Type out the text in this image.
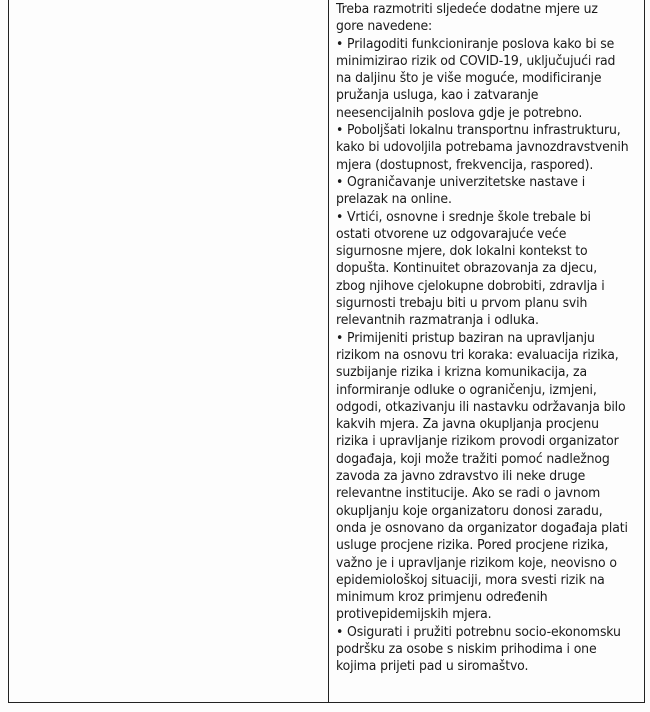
Treba razmotriti sljedeće dodatne mjere uz gore navedene:

• Prilagoditi funkcioniranje poslova kako bi se minimizirao rizik od COVID-19, uključujući rad na daljinu što je više moguće, modificiranje pružanja usluga, kao i zatvaranje neesencijalnih poslova gdje je potrebno.

• Poboljšati lokalnu transportnu infrastrukturu, kako bi udovoljila potrebama javnozdravstvenih mjera (dostupnost, frekvencija, raspored).

• Ograničavanje univerzitetske nastave i prelazak na online.

• Vrtići, osnovne i srednje škole trebale bi ostati otvorene uz odgovarajuće veće sigurnosne mjere, dok lokalni kontekst to dopušta. Kontinuitet obrazovanja za djecu, zbog njihove cjelokupne dobrobiti, zdravlja i sigurnosti trebaju biti u prvom planu svih relevantnih razmatranja i odluka.

• Primijeniti pristup baziran na upravljanju rizikom na osnovu tri koraka: evaluacija rizika, suzbijanje rizika i krizna komunikacija, za informiranje odluke o ograničenju, izmjeni, odgodi, otkazivanju ili nastavku održavanja bilo kakvih mjera. Za javna okupljanja procjenu rizika i upravljanje rizikom provodi organizator događaja, koji može tražiti pomoć nadležnog zavoda za javno zdravstvo ili neke druge relevantne institucije. Ako se radi o javnom okupljanju koje organizatoru donosi zaradu, onda je osnovano da organizator događaja plati usluge procjene rizika. Pored procjene rizika, važno je i upravljanje rizikom koje, neovisno o epidemiološkoj situaciji, mora svesti rizik na minimum kroz primjenu određenih protivepidemijskih mjera.

• Osigurati i pružiti potrebnu socio-ekonomsku podršku za osobe s niskim prihodima i one kojima prijeti pad u siromaštvo.
